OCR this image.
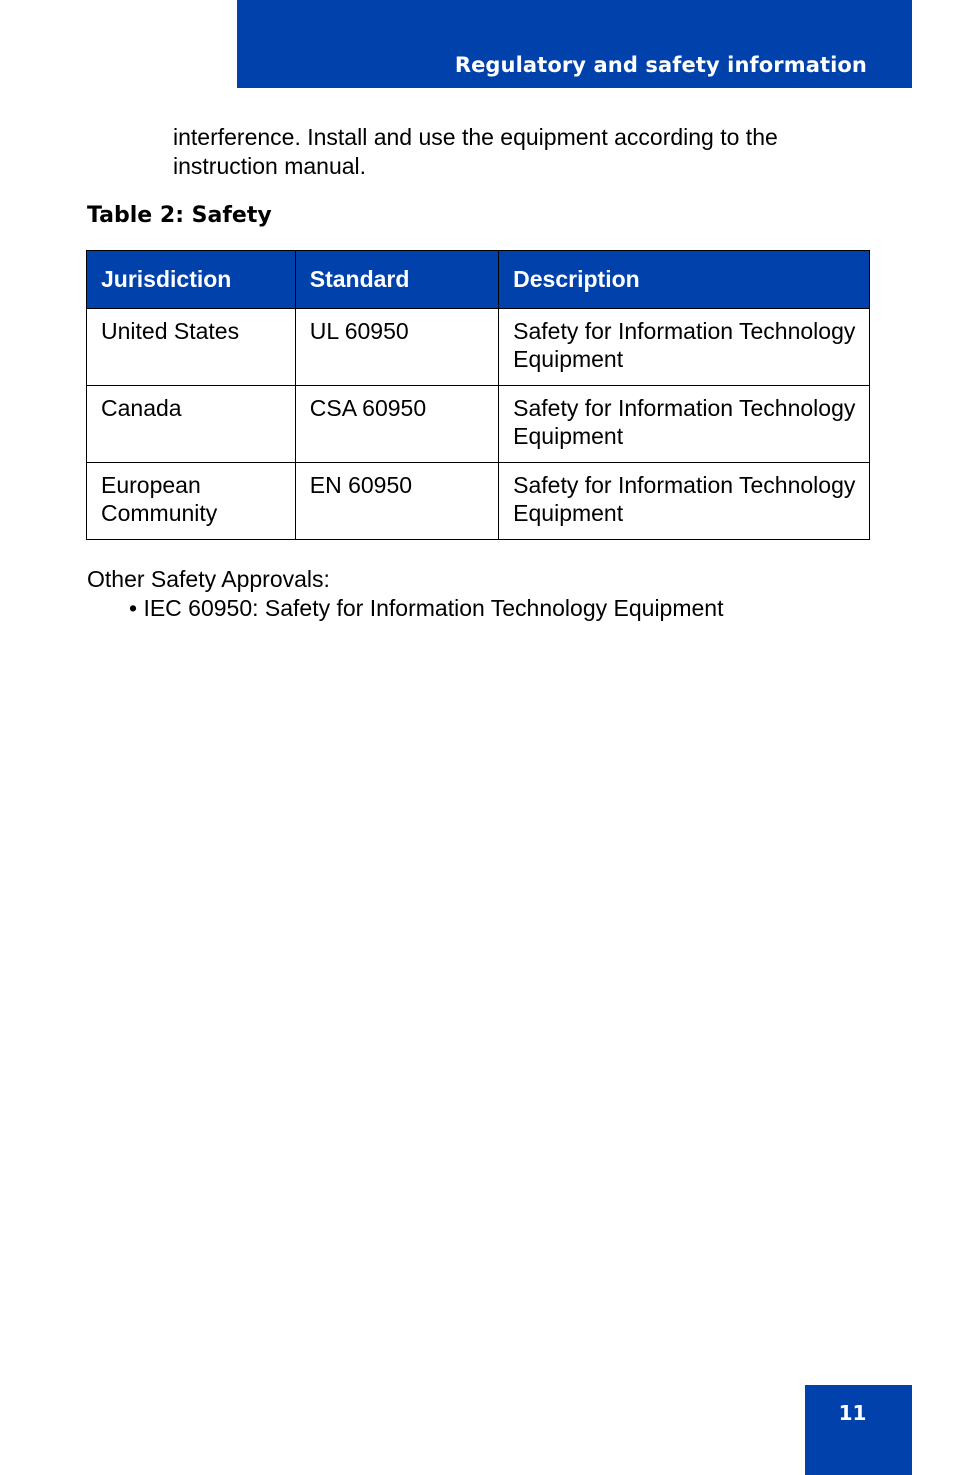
Regulatory and safety information
interference. Install and use the equipment according to the instruction manual.
Table 2: Safety
Jurisdiction	Standard	Description
United States	UL 60950	Safety for Information Technology Equipment
Canada	CSA 60950	Safety for Information Technology Equipment
European Community	EN 60950	Safety for Information Technology Equipment
Other Safety Approvals:
• IEC 60950: Safety for Information Technology Equipment
11
